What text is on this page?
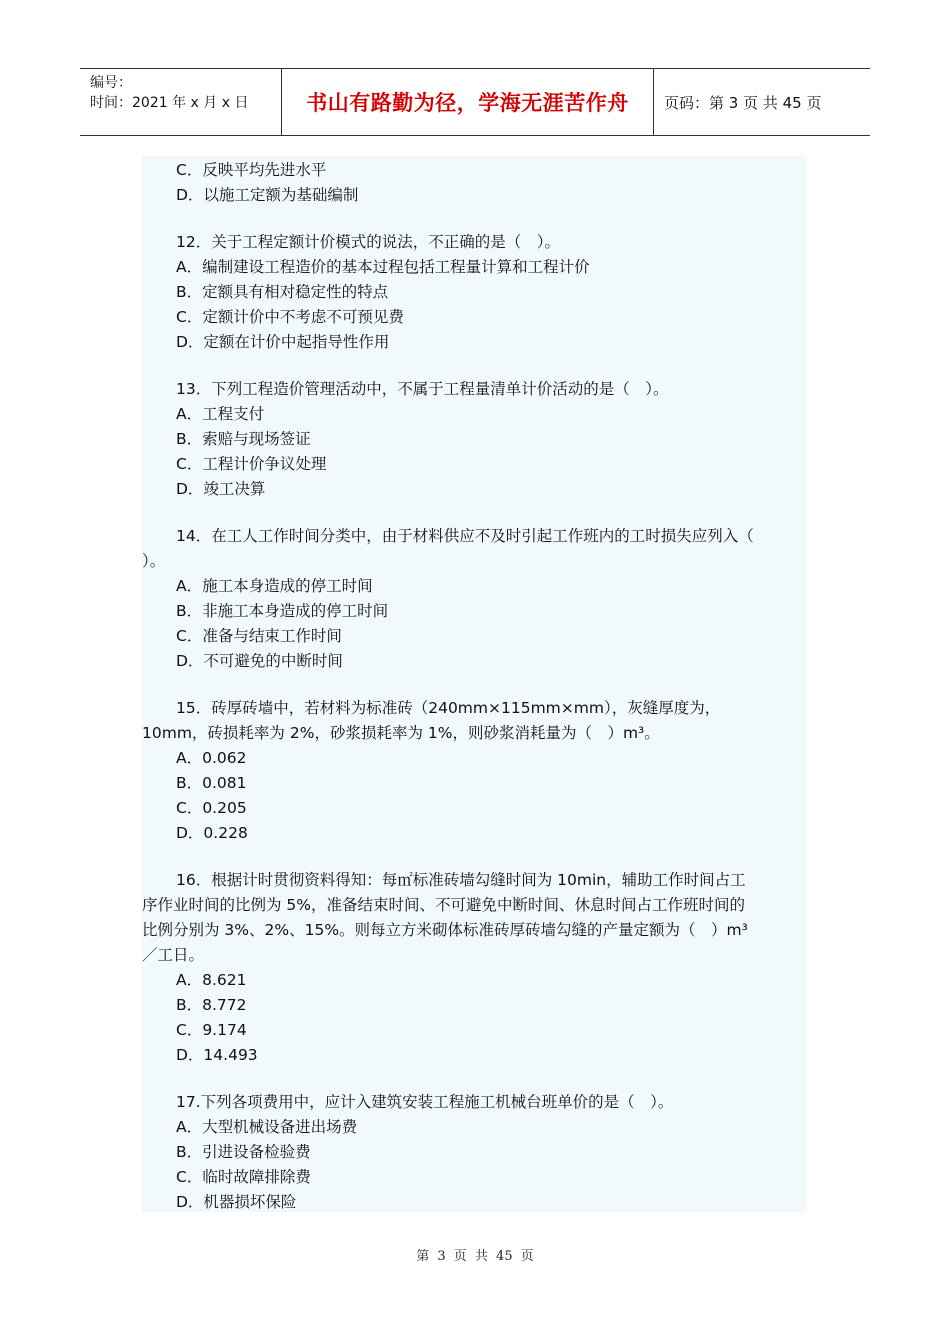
编号：
时间：2021 年 x 月 x 日	书山有路勤为径，学海无涯苦作舟	页码：第 3 页 共 45 页
C．反映平均先进水平
D．以施工定额为基础编制
12．关于工程定额计价模式的说法，不正确的是（　）。
A．编制建设工程造价的基本过程包括工程量计算和工程计价
B．定额具有相对稳定性的特点
C．定额计价中不考虑不可预见费
D．定额在计价中起指导性作用
13．下列工程造价管理活动中，不属于工程量清单计价活动的是（　）。
A．工程支付
B．索赔与现场签证
C．工程计价争议处理
D．竣工决算
14．在工人工作时间分类中，由于材料供应不及时引起工作班内的工时损失应列入（
）。
A．施工本身造成的停工时间
B．非施工本身造成的停工时间
C．准备与结束工作时间
D．不可避免的中断时间
15．砖厚砖墙中，若材料为标准砖（240mm×115mm×mm），灰缝厚度为，
10mm，砖损耗率为 2%，砂浆损耗率为 1%，则砂浆消耗量为（　）m³。
A．0.062
B．0.081
C．0.205
D．0.228
16．根据计时贯彻资料得知：每㎡标准砖墙勾缝时间为 10min，辅助工作时间占工
序作业时间的比例为 5%，准备结束时间、不可避免中断时间、休息时间占工作班时间的
比例分别为 3%、2%、15%。则每立方米砌体标准砖厚砖墙勾缝的产量定额为（　）m³
／工日。
A．8.621
B．8.772
C．9.174
D．14.493
17.下列各项费用中，应计入建筑安装工程施工机械台班单价的是（　）。
A．大型机械设备进出场费
B．引进设备检验费
C．临时故障排除费
D．机器损坏保险
第 3 页 共 45 页
